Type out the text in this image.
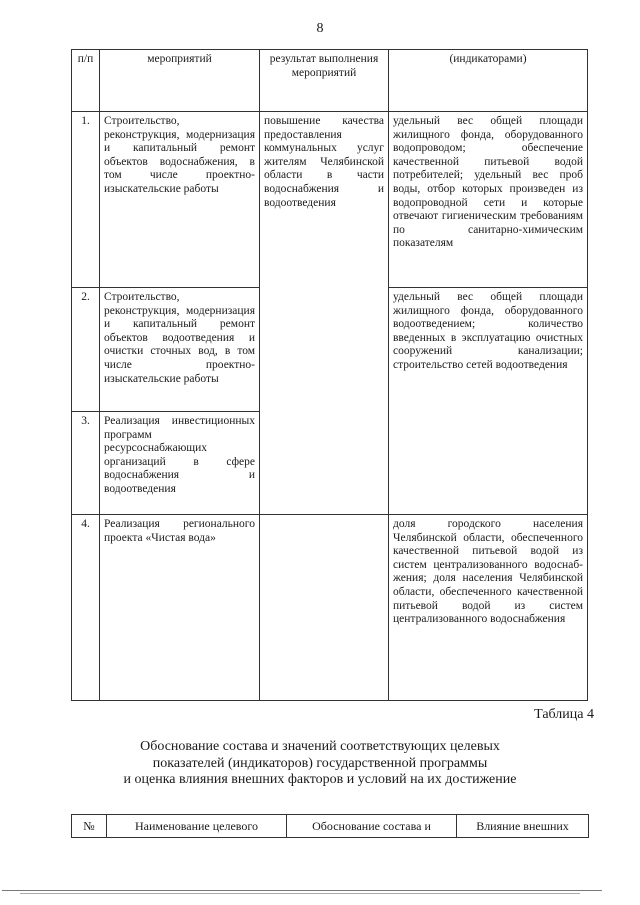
8
п/п	мероприятий	результат выполнения мероприятий	(индикаторами)
1.	Строительство, реконструкция, модернизация и капитальный ремонт объектов водоснабжения, в том числе проектно-изыскательские работы	повышение качества предоставления коммунальных услуг жителям Челябинской области в части водоснабжения и водоотведения	удельный вес общей площади жилищного фонда, оборудованного водопроводом; обеспечение качественной питьевой водой потребителей; удельный вес проб воды, отбор которых произведен из водопроводной сети и которые отвечают гигиеническим требованиям по санитарно-химическим показателям
2.	Строительство, реконструкция, модернизация и капитальный ремонт объектов водоотведения и очистки сточных вод, в том числе проектно-изыскательские работы		удельный вес общей площади жилищного фонда, оборудованного водоотведением; количество введенных в эксплуатацию очистных сооружений канализации; строительство сетей водоотведения
3.	Реализация инвестиционных программ ресурсоснабжающих организаций в сфере водоснабжения и водоотведения		
4.	Реализация регионального проекта «Чистая вода»		доля городского населения Челябинской области, обеспеченного качественной питьевой водой из систем централизованного водоснаб-жения; доля населения Челябинской области, обеспеченного качественной питьевой водой из систем централизованного водоснабжения
Таблица 4
Обоснование состава и значений соответствующих целевых
показателей (индикаторов) государственной программы
и оценка влияния внешних факторов и условий на их достижение
№	Наименование целевого	Обоснование состава и	Влияние внешних
